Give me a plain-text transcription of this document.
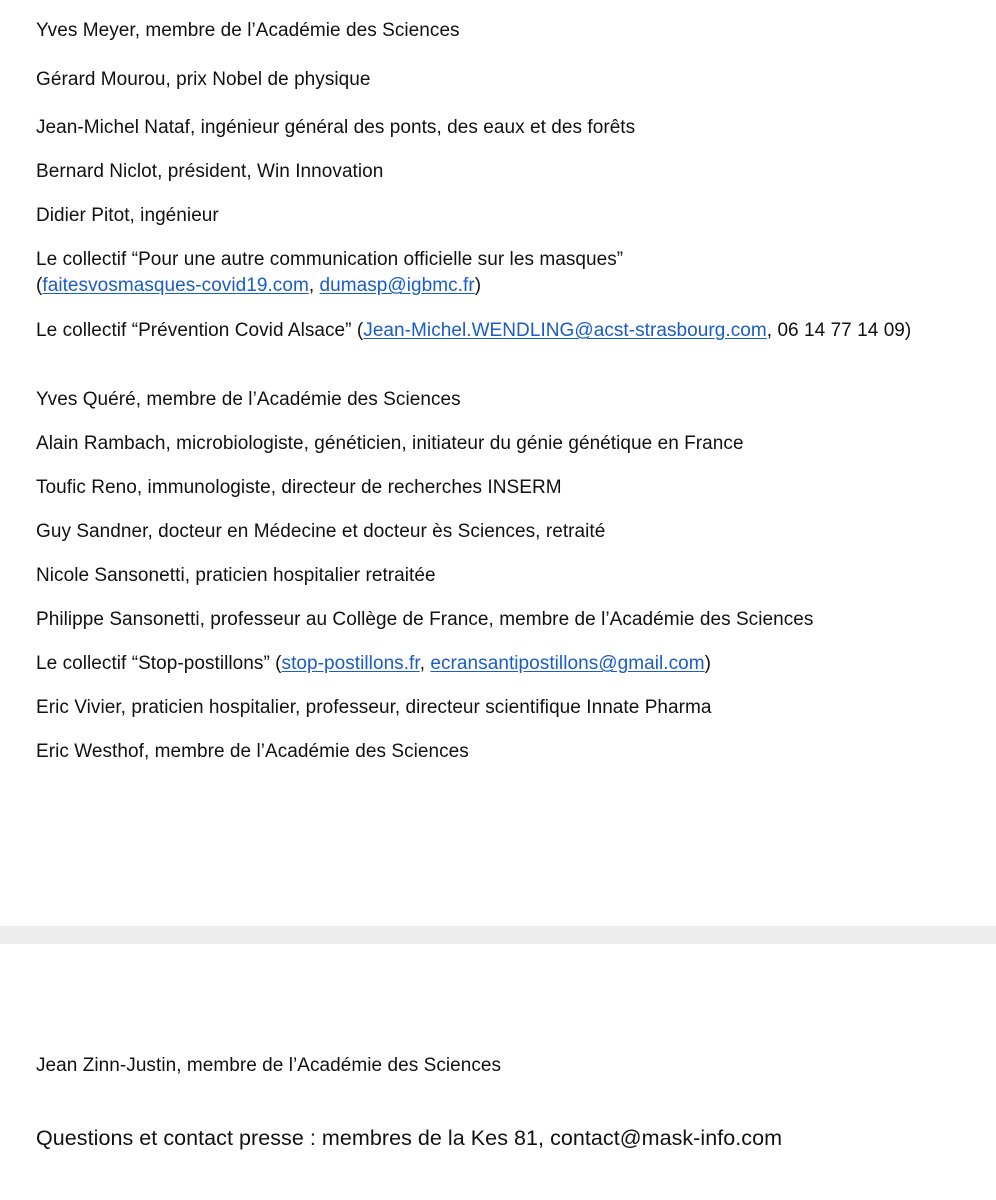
Yves Meyer, membre de l’Académie des Sciences
Gérard Mourou, prix Nobel de physique
Jean-Michel Nataf, ingénieur général des ponts, des eaux et des forêts
Bernard Niclot, président, Win Innovation
Didier Pitot, ingénieur
Le collectif “Pour une autre communication officielle sur les masques”
(faitesvosmasques-covid19.com, dumasp@igbmc.fr)
Le collectif “Prévention Covid Alsace” (Jean-Michel.WENDLING@acst-strasbourg.com, 06 14 77 14 09)
Yves Quéré, membre de l’Académie des Sciences
Alain Rambach, microbiologiste, généticien, initiateur du génie génétique en France
Toufic Reno, immunologiste, directeur de recherches INSERM
Guy Sandner, docteur en Médecine et docteur ès Sciences, retraité
Nicole Sansonetti, praticien hospitalier retraitée
Philippe Sansonetti, professeur au Collège de France, membre de l’Académie des Sciences
Le collectif “Stop-postillons” (stop-postillons.fr, ecransantipostillons@gmail.com)
Eric Vivier, praticien hospitalier, professeur, directeur scientifique Innate Pharma
Eric Westhof, membre de l’Académie des Sciences
Jean Zinn-Justin, membre de l’Académie des Sciences
Questions et contact presse : membres de la Kes 81, contact@mask-info.com
